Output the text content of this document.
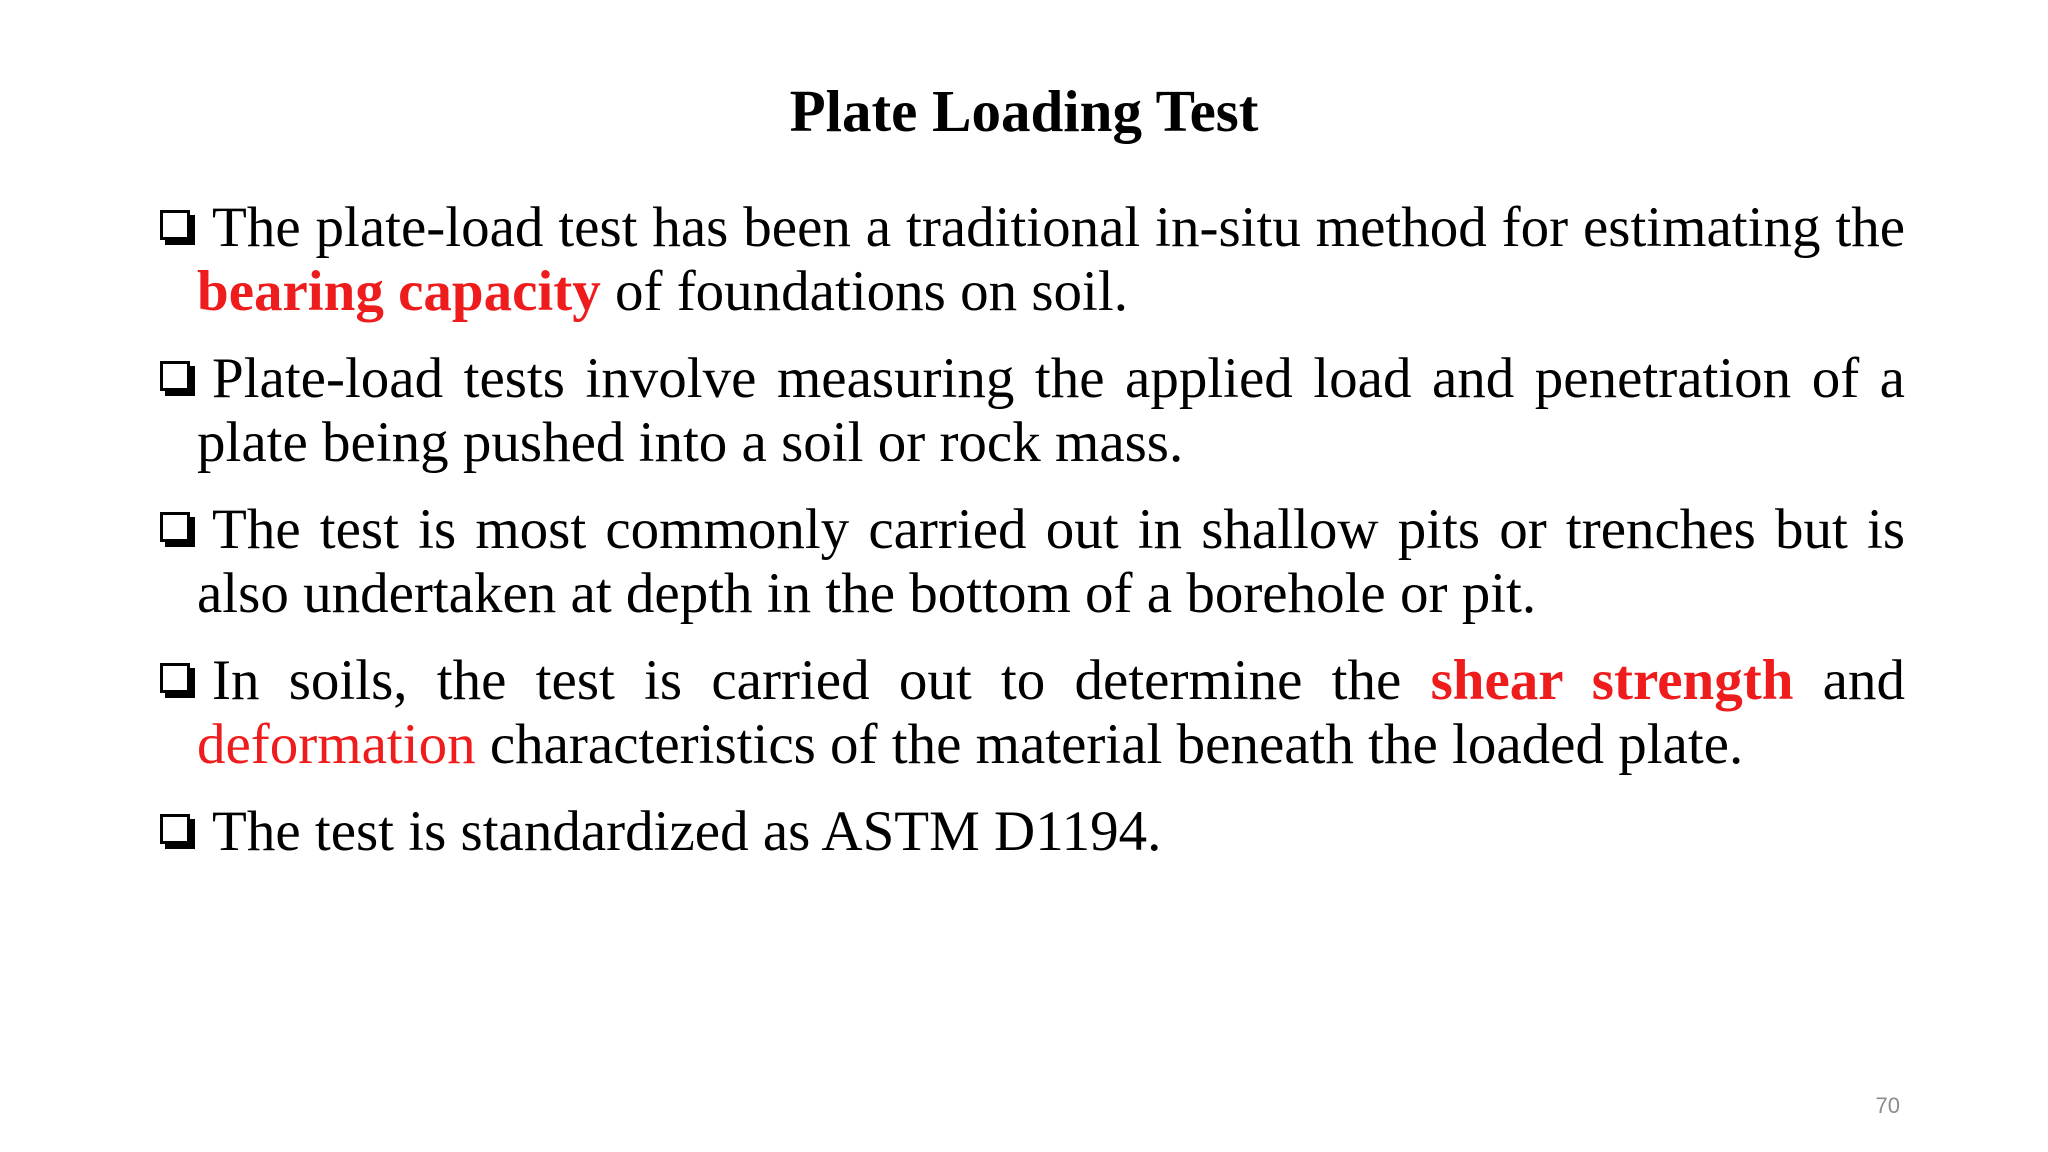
Plate Loading Test
The plate-load test has been a traditional in-situ method for estimating the bearing capacity of foundations on soil.
Plate-load tests involve measuring the applied load and penetration of a plate being pushed into a soil or rock mass.
The test is most commonly carried out in shallow pits or trenches but is also undertaken at depth in the bottom of a borehole or pit.
In soils, the test is carried out to determine the shear strength and deformation characteristics of the material beneath the loaded plate.
The test is standardized as ASTM D1194.
70
